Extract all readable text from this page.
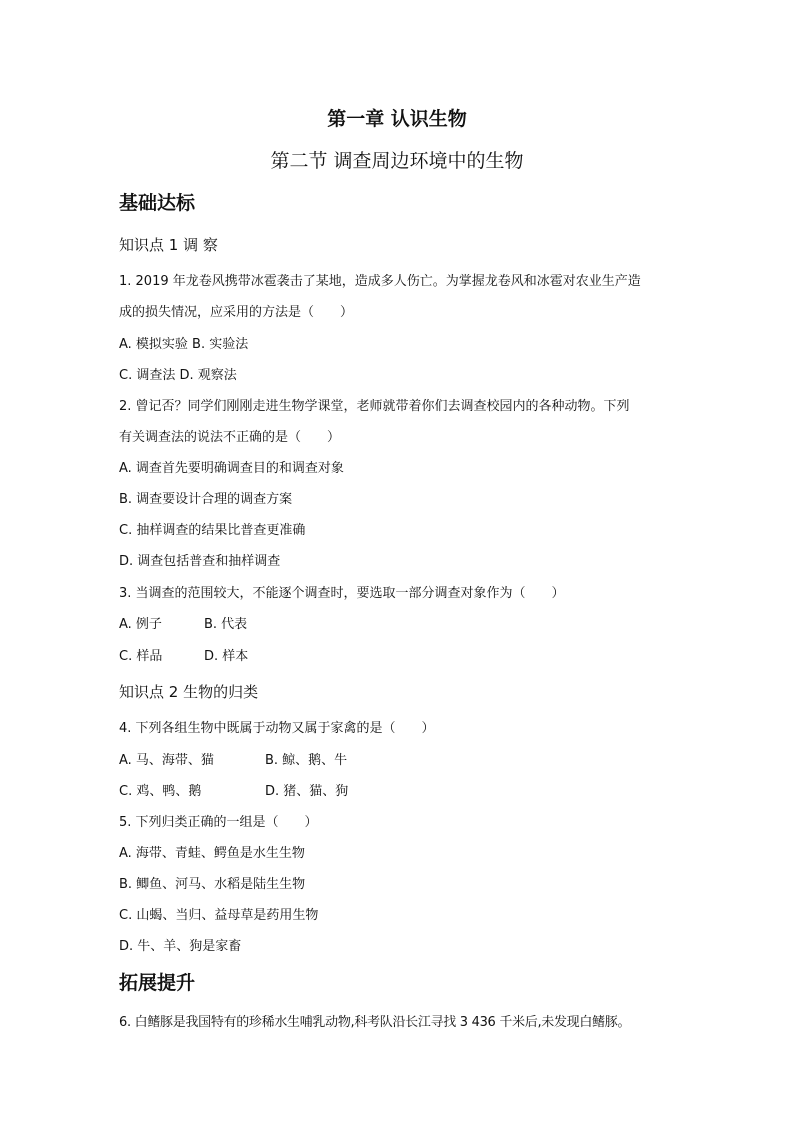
第一章 认识生物
第二节 调查周边环境中的生物
基础达标
知识点 1 调 察
1. 2019 年龙卷风携带冰雹袭击了某地，造成多人伤亡。为掌握龙卷风和冰雹对农业生产造
成的损失情况，应采用的方法是（　　）
A. 模拟实验 B. 实验法
C. 调查法 D. 观察法
2. 曾记否？同学们刚刚走进生物学课堂，老师就带着你们去调查校园内的各种动物。下列
有关调查法的说法不正确的是（　　）
A. 调查首先要明确调查目的和调查对象
B. 调查要设计合理的调查方案
C. 抽样调查的结果比普查更准确
D. 调查包括普查和抽样调查
3. 当调查的范围较大，不能逐个调查时，要选取一部分调查对象作为（　　）
A. 例子	B. 代表
C. 样品	D. 样本
知识点 2 生物的归类
4. 下列各组生物中既属于动物又属于家禽的是（　　）
A. 马、海带、猫	B. 鲸、鹅、牛
C. 鸡、鸭、鹅	D. 猪、猫、狗
5. 下列归类正确的一组是（　　）
A. 海带、青蛙、鳄鱼是水生生物
B. 鲫鱼、河马、水稻是陆生生物
C. 山蝎、当归、益母草是药用生物
D. 牛、羊、狗是家畜
拓展提升
6. 白鳍豚是我国特有的珍稀水生哺乳动物,科考队沿长江寻找 3 436 千米后,未发现白鳍豚。
